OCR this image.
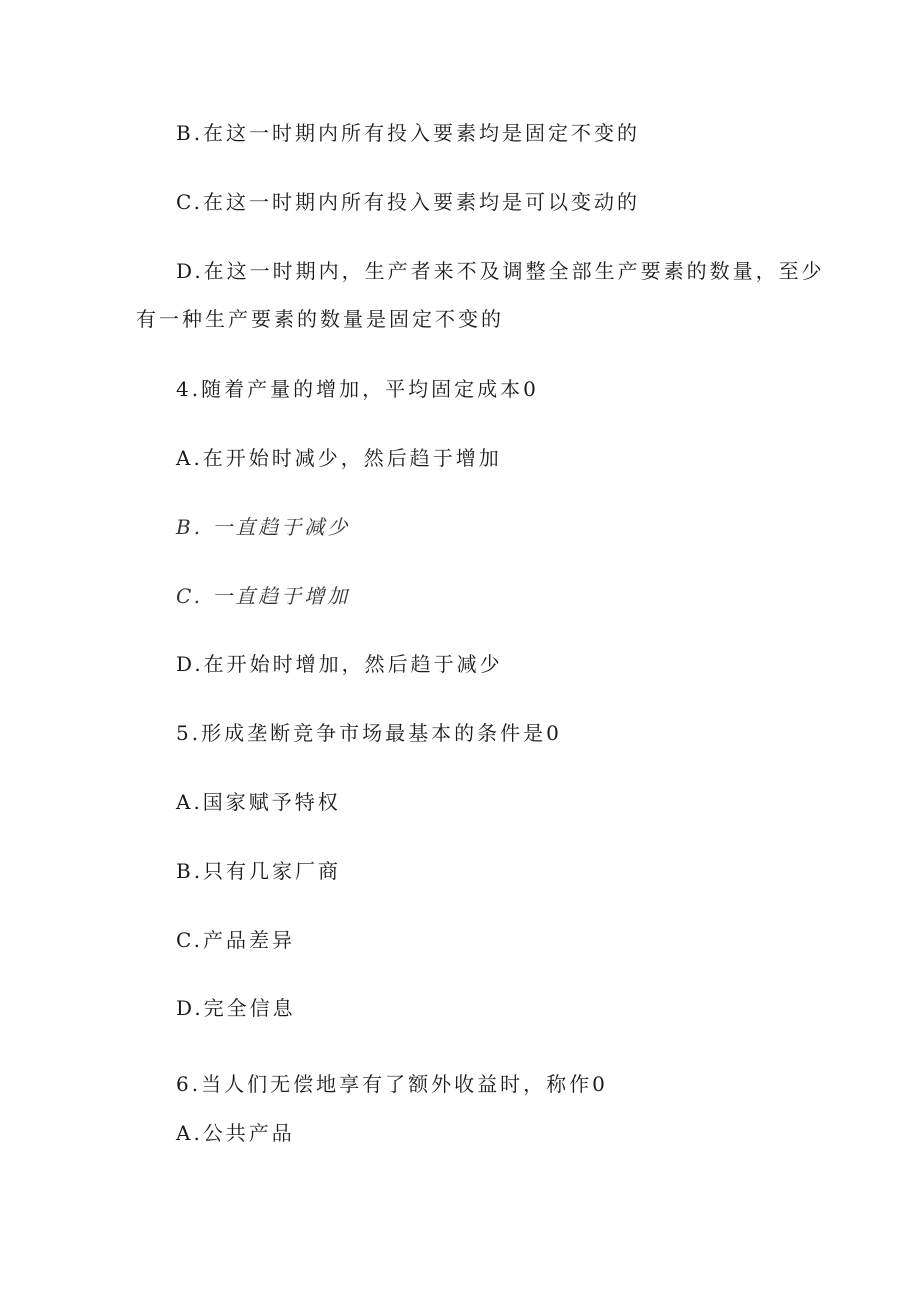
B.在这一时期内所有投入要素均是固定不变的
C.在这一时期内所有投入要素均是可以变动的
D.在这一时期内，生产者来不及调整全部生产要素的数量，至少
有一种生产要素的数量是固定不变的
4.随着产量的增加，平均固定成本0
A.在开始时减少，然后趋于增加
B. 一直趋于减少
C. 一直趋于增加
D.在开始时增加，然后趋于减少
5.形成垄断竞争市场最基本的条件是0
A.国家赋予特权
B.只有几家厂商
C.产品差异
D.完全信息
6.当人们无偿地享有了额外收益时，称作0
A.公共产品
